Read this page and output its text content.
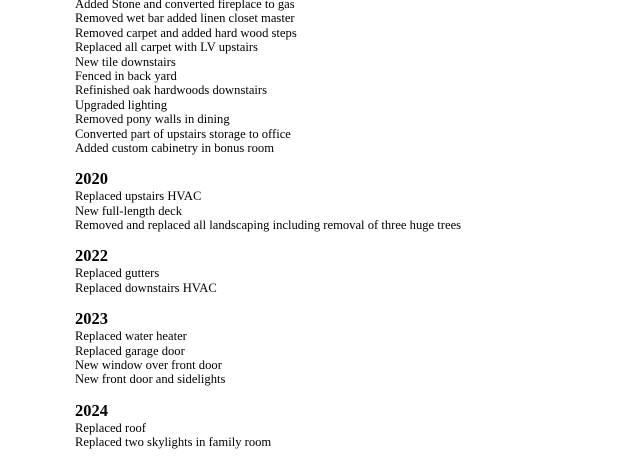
Added Stone and converted fireplace to gas
Removed wet bar added linen closet master
Removed carpet and added hard wood steps
Replaced all carpet with LV upstairs
New tile downstairs
Fenced in back yard
Refinished oak hardwoods downstairs
Upgraded lighting
Removed pony walls in dining
Converted part of upstairs storage to office
Added custom cabinetry in bonus room
2020
Replaced upstairs HVAC
New full-length deck
Removed and replaced all landscaping including removal of three huge trees
2022
Replaced gutters
Replaced downstairs HVAC
2023
Replaced water heater
Replaced garage door
New window over front door
New front door and sidelights
2024
Replaced roof
Replaced two skylights in family room
